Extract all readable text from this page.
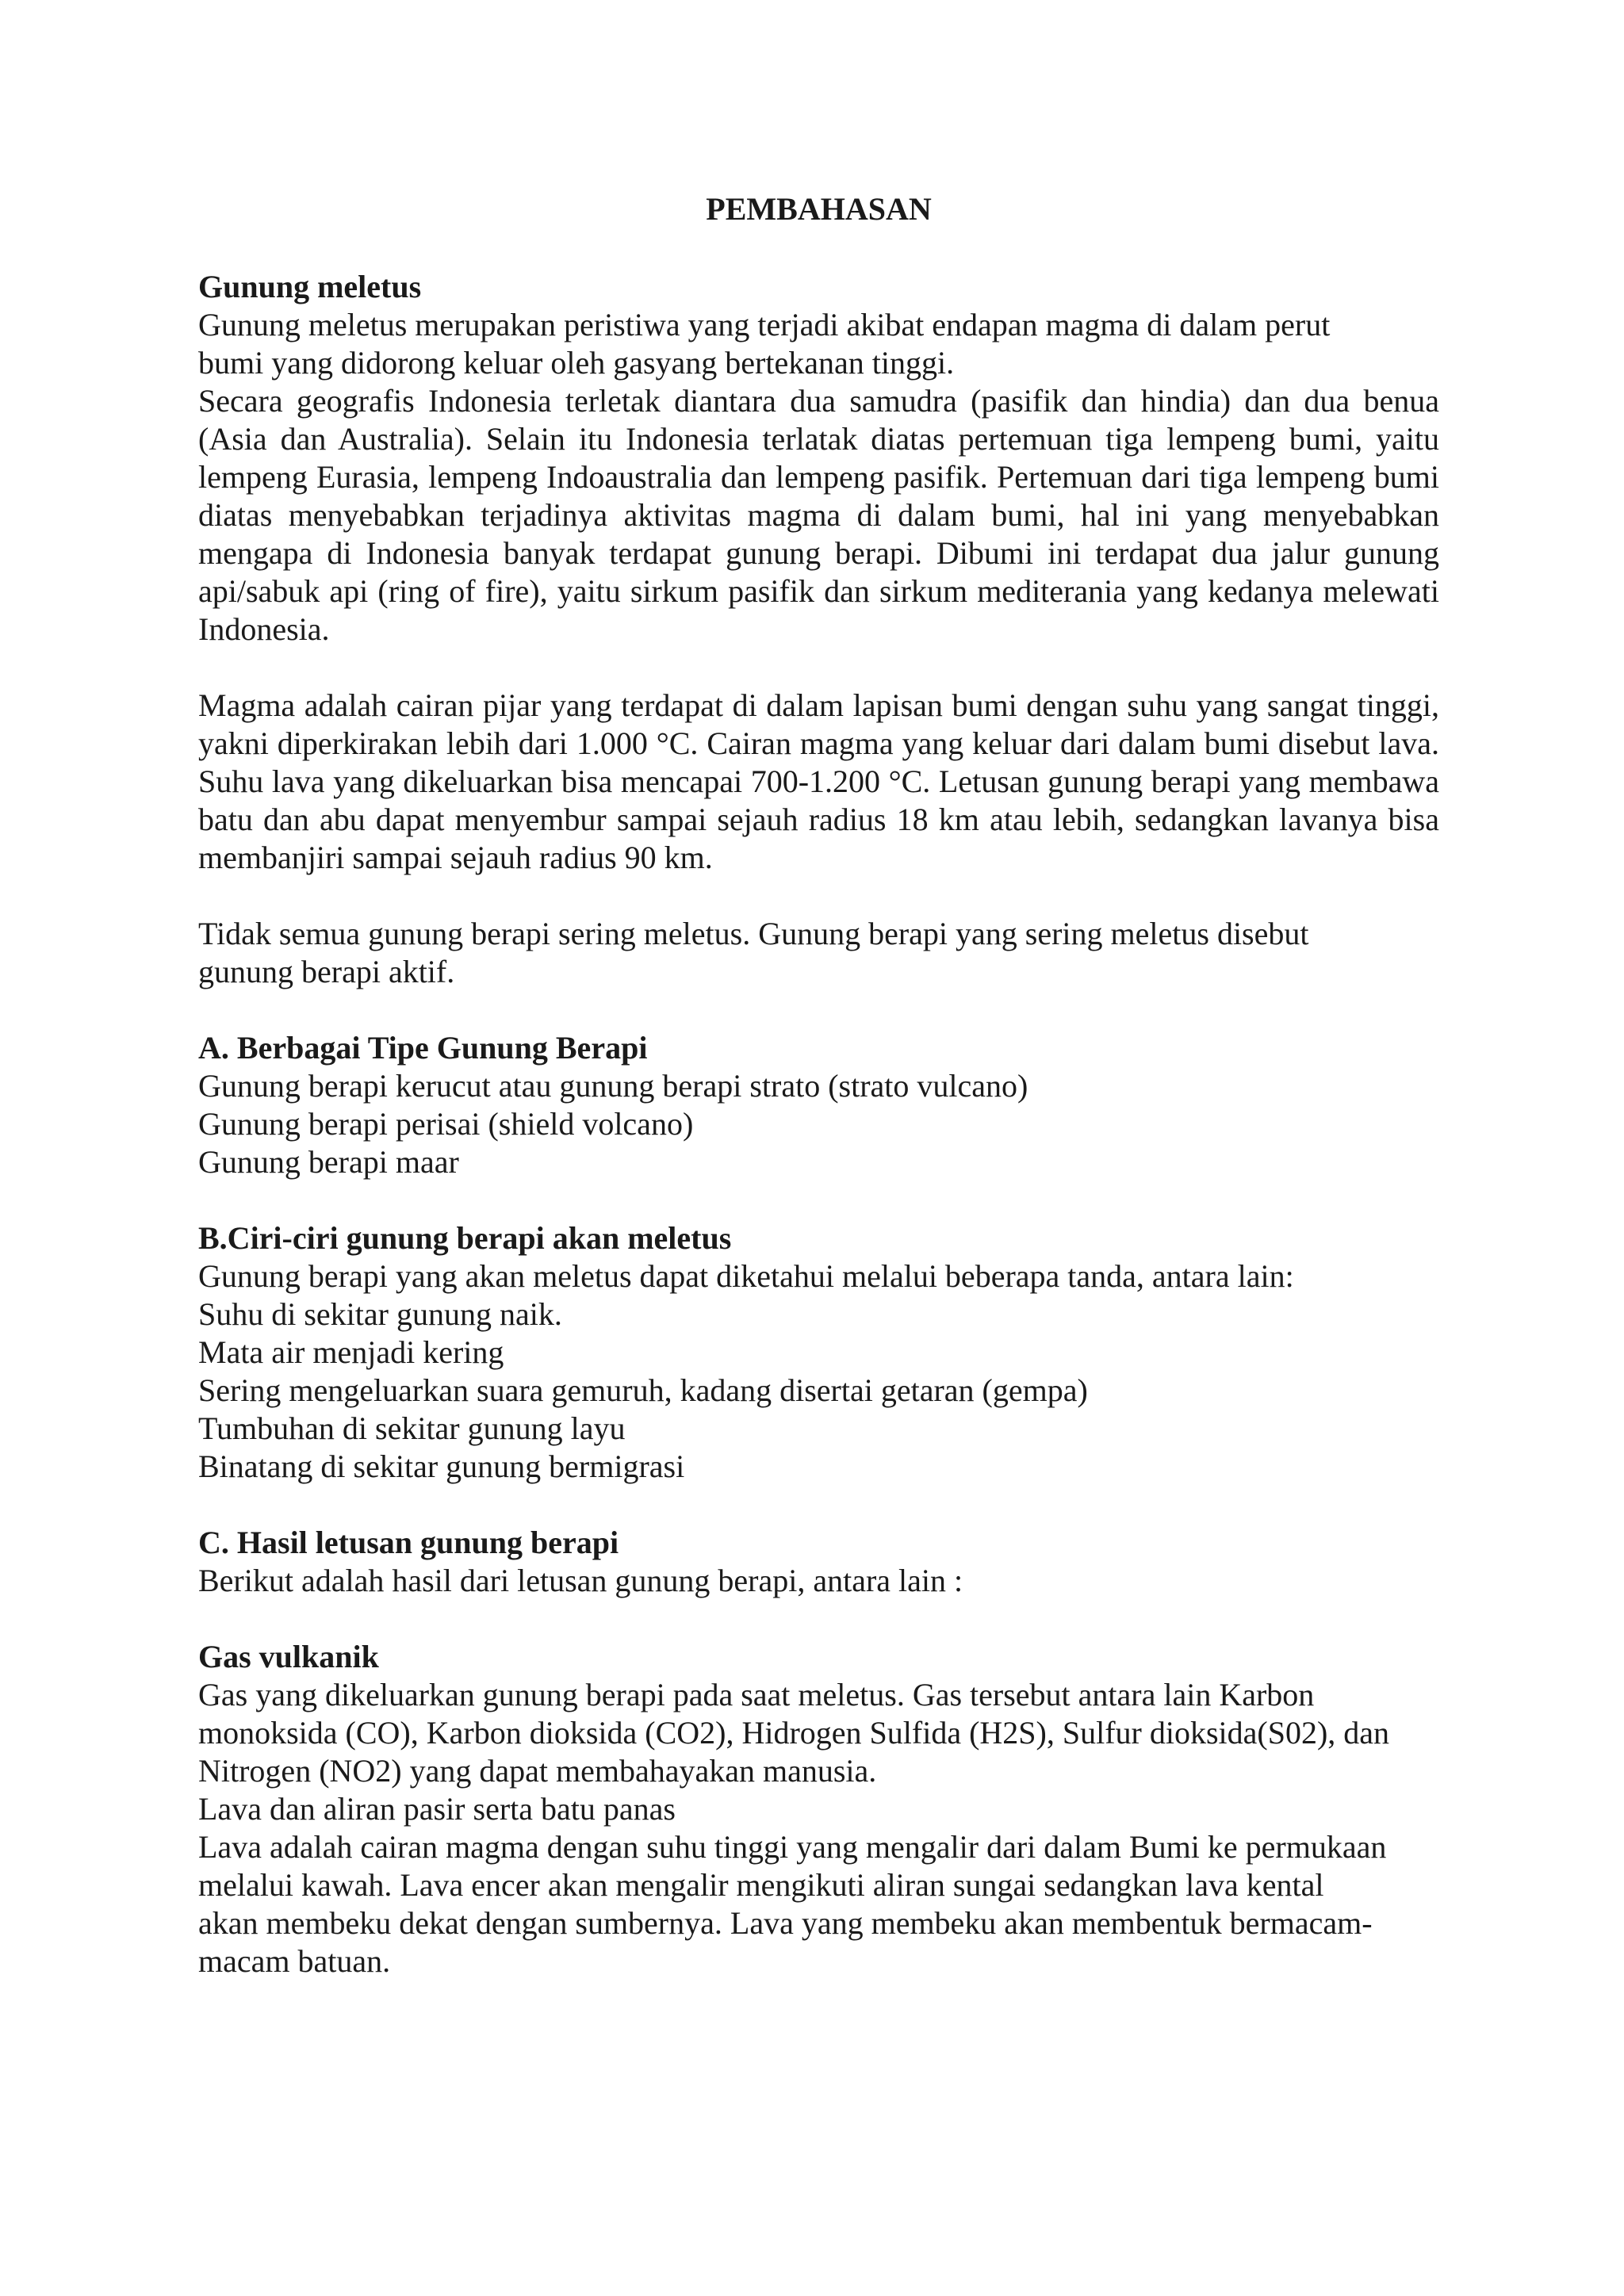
PEMBAHASAN

Gunung meletus

Gunung meletus merupakan peristiwa yang terjadi akibat endapan magma di dalam perut

bumi yang didorong keluar oleh gasyang bertekanan tinggi.

Secara geografis Indonesia terletak diantara dua samudra (pasifik dan hindia) dan dua benua (Asia dan Australia). Selain itu Indonesia terlatak diatas pertemuan tiga lempeng bumi, yaitu lempeng Eurasia, lempeng Indoaustralia dan lempeng pasifik. Pertemuan dari tiga lempeng bumi diatas menyebabkan terjadinya aktivitas magma di dalam bumi, hal ini yang menyebabkan mengapa di Indonesia banyak terdapat gunung berapi. Dibumi ini terdapat dua jalur gunung api/sabuk api (ring of fire), yaitu sirkum pasifik dan sirkum mediterania yang kedanya melewati Indonesia.

Magma adalah cairan pijar yang terdapat di dalam lapisan bumi dengan suhu yang sangat tinggi, yakni diperkirakan lebih dari 1.000 °C. Cairan magma yang keluar dari dalam bumi disebut lava. Suhu lava yang dikeluarkan bisa mencapai 700-1.200 °C. Letusan gunung berapi yang membawa batu dan abu dapat menyembur sampai sejauh radius 18 km atau lebih, sedangkan lavanya bisa membanjiri sampai sejauh radius 90 km.

Tidak semua gunung berapi sering meletus. Gunung berapi yang sering meletus disebut

gunung berapi aktif.

A. Berbagai Tipe Gunung Berapi

Gunung berapi kerucut atau gunung berapi strato (strato vulcano)

Gunung berapi perisai (shield volcano)

Gunung berapi maar

B.Ciri-ciri gunung berapi akan meletus

Gunung berapi yang akan meletus dapat diketahui melalui beberapa tanda, antara lain:

Suhu di sekitar gunung naik.

Mata air menjadi kering

Sering mengeluarkan suara gemuruh, kadang disertai getaran (gempa)

Tumbuhan di sekitar gunung layu

Binatang di sekitar gunung bermigrasi

C. Hasil letusan gunung berapi

Berikut adalah hasil dari letusan gunung berapi, antara lain :

Gas vulkanik

Gas yang dikeluarkan gunung berapi pada saat meletus. Gas tersebut antara lain Karbon

monoksida (CO), Karbon dioksida (CO2), Hidrogen Sulfida (H2S), Sulfur dioksida(S02), dan

Nitrogen (NO2) yang dapat membahayakan manusia.

Lava dan aliran pasir serta batu panas

Lava adalah cairan magma dengan suhu tinggi yang mengalir dari dalam Bumi ke permukaan

melalui kawah. Lava encer akan mengalir mengikuti aliran sungai sedangkan lava kental

akan membeku dekat dengan sumbernya. Lava yang membeku akan membentuk bermacam-

macam batuan.
